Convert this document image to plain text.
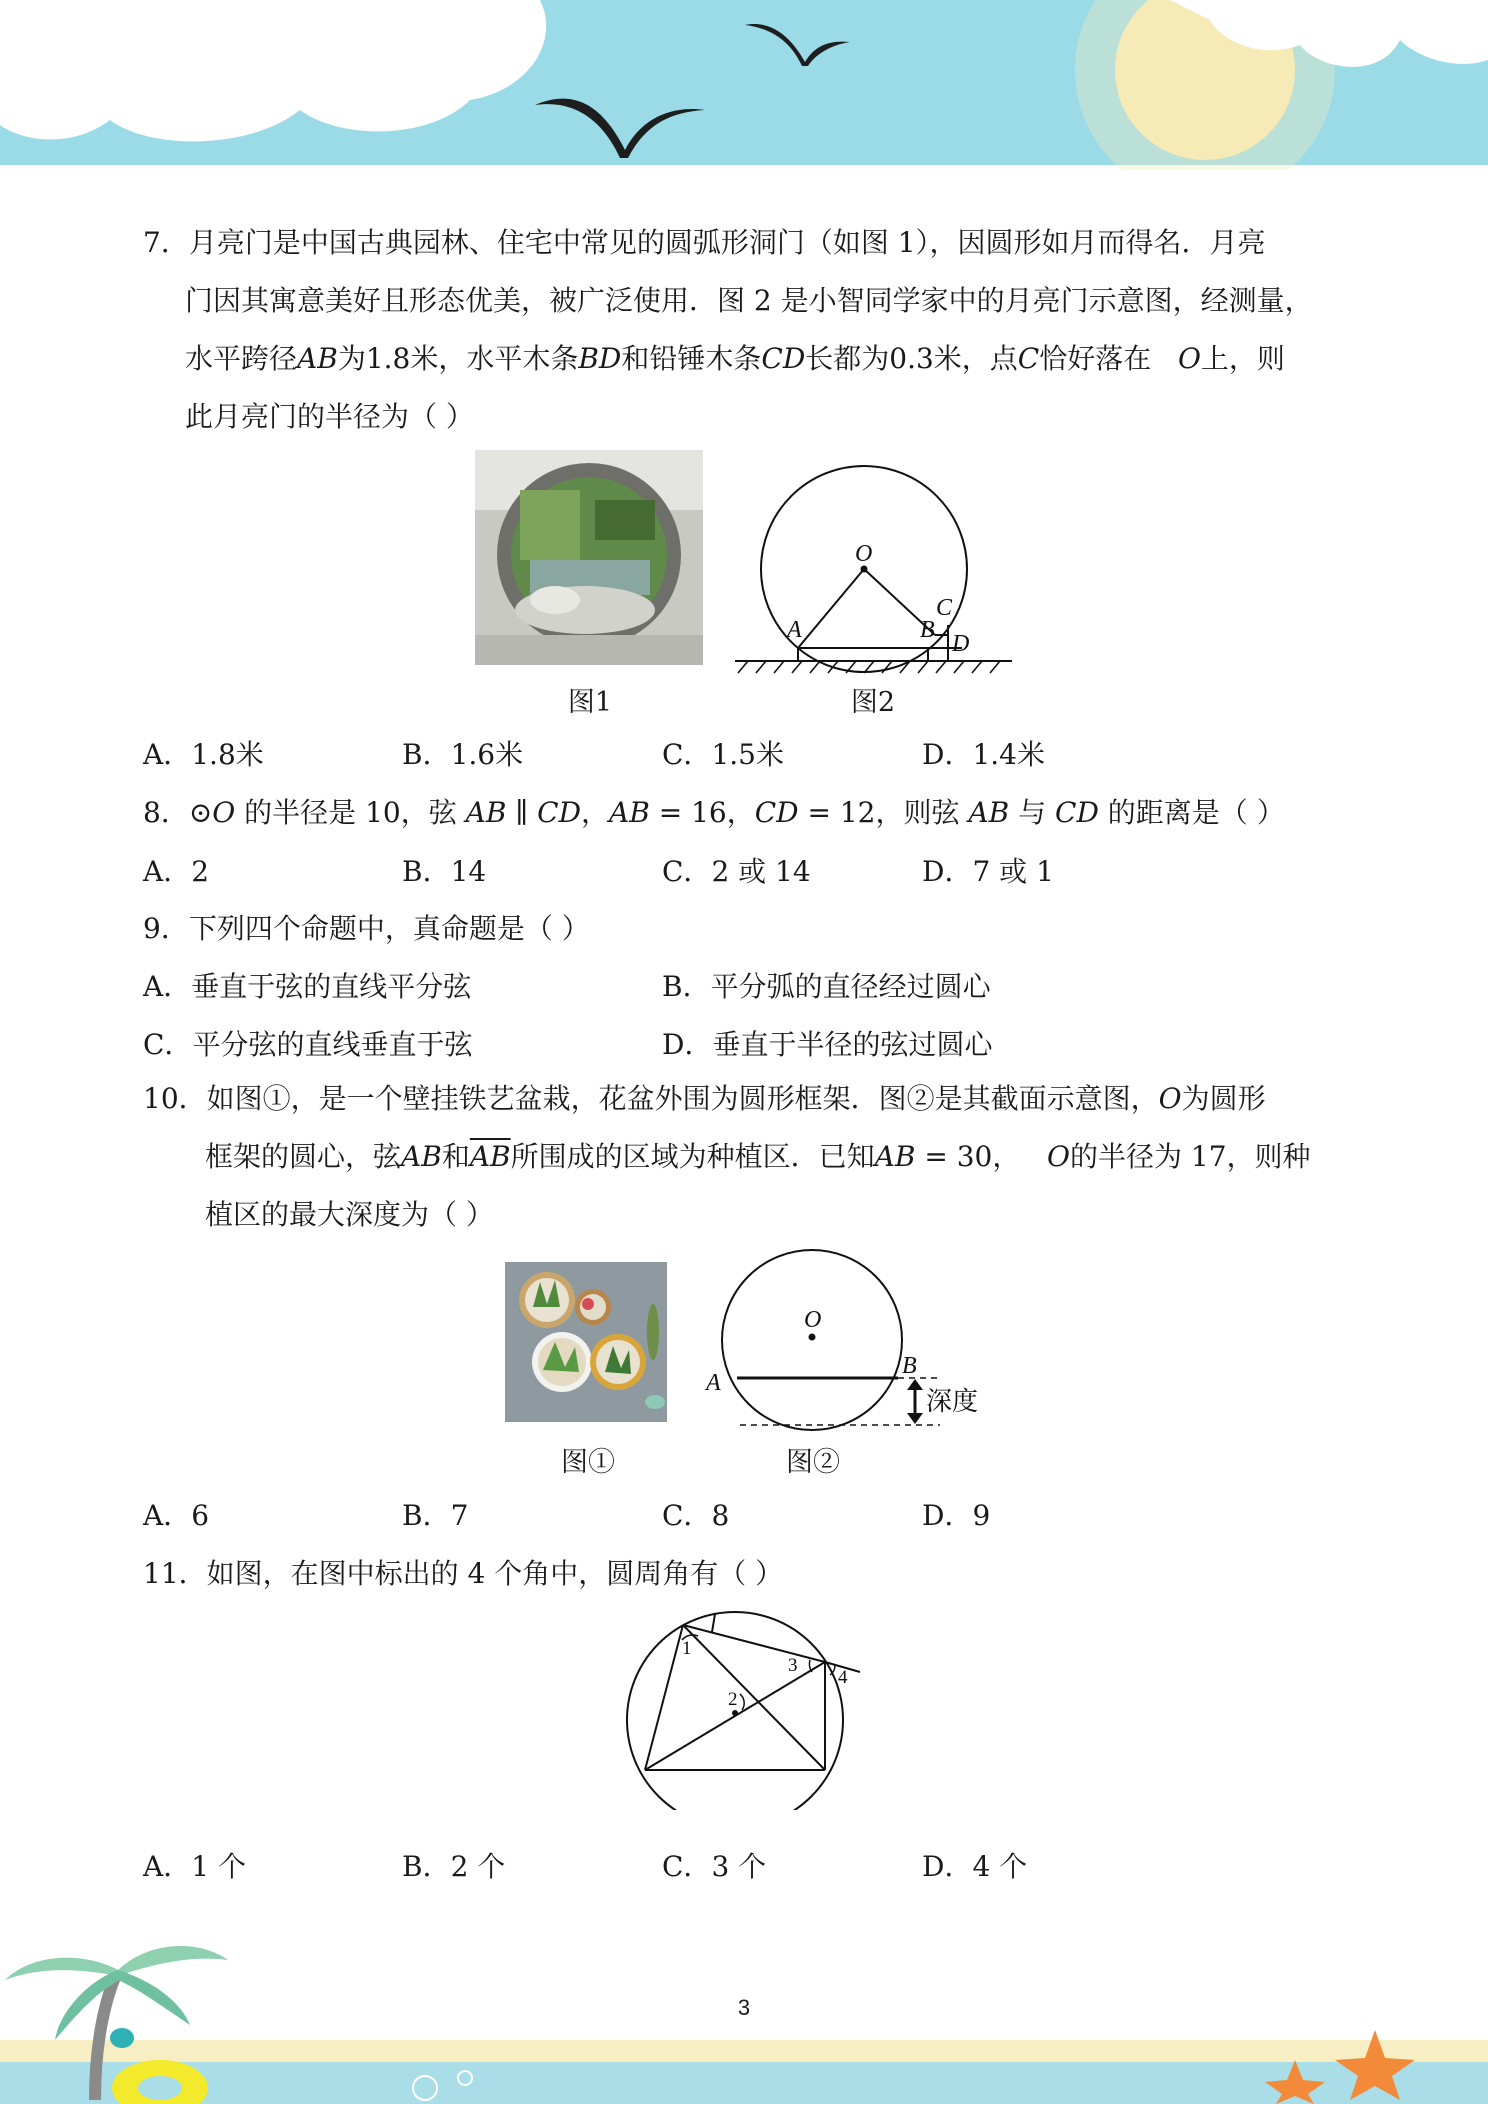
7．月亮门是中国古典园林、住宅中常见的圆弧形洞门（如图 1），因圆形如月而得名．月亮
门因其寓意美好且形态优美，被广泛使用．图 2 是小智同学家中的月亮门示意图，经测量，
水平跨径AB为1.8米，水平木条BD和铅锤木条CD长都为0.3米，点C恰好落在 O上，则
此月亮门的半径为（ ）
图1
O
A	B
C
D
图2
A．1.8米	B．1.6米	C．1.5米	D．1.4米
8．⊙O 的半径是 10，弦 AB ∥ CD，AB = 16，CD = 12，则弦 AB 与 CD 的距离是（ ）
A．2	B．14	C．2 或 14	D．7 或 1
9．下列四个命题中，真命题是（ ）
A．垂直于弦的直线平分弦	B．平分弧的直径经过圆心
C．平分弦的直线垂直于弦	D．垂直于半径的弦过圆心
10．如图①，是一个壁挂铁艺盆栽，花盆外围为圆形框架．图②是其截面示意图，O为圆形
框架的圆心，弦AB和$\overline{AB}$所围成的区域为种植区．已知AB = 30， O的半径为 17，则种
植区的最大深度为（ ）
图①
O
A
B
深度
图②
A．6	B．7	C．8	D．9
11．如图，在图中标出的 4 个角中，圆周角有（ ）
1
2
3
4
A．1 个	B．2 个	C．3 个	D．4 个
3
